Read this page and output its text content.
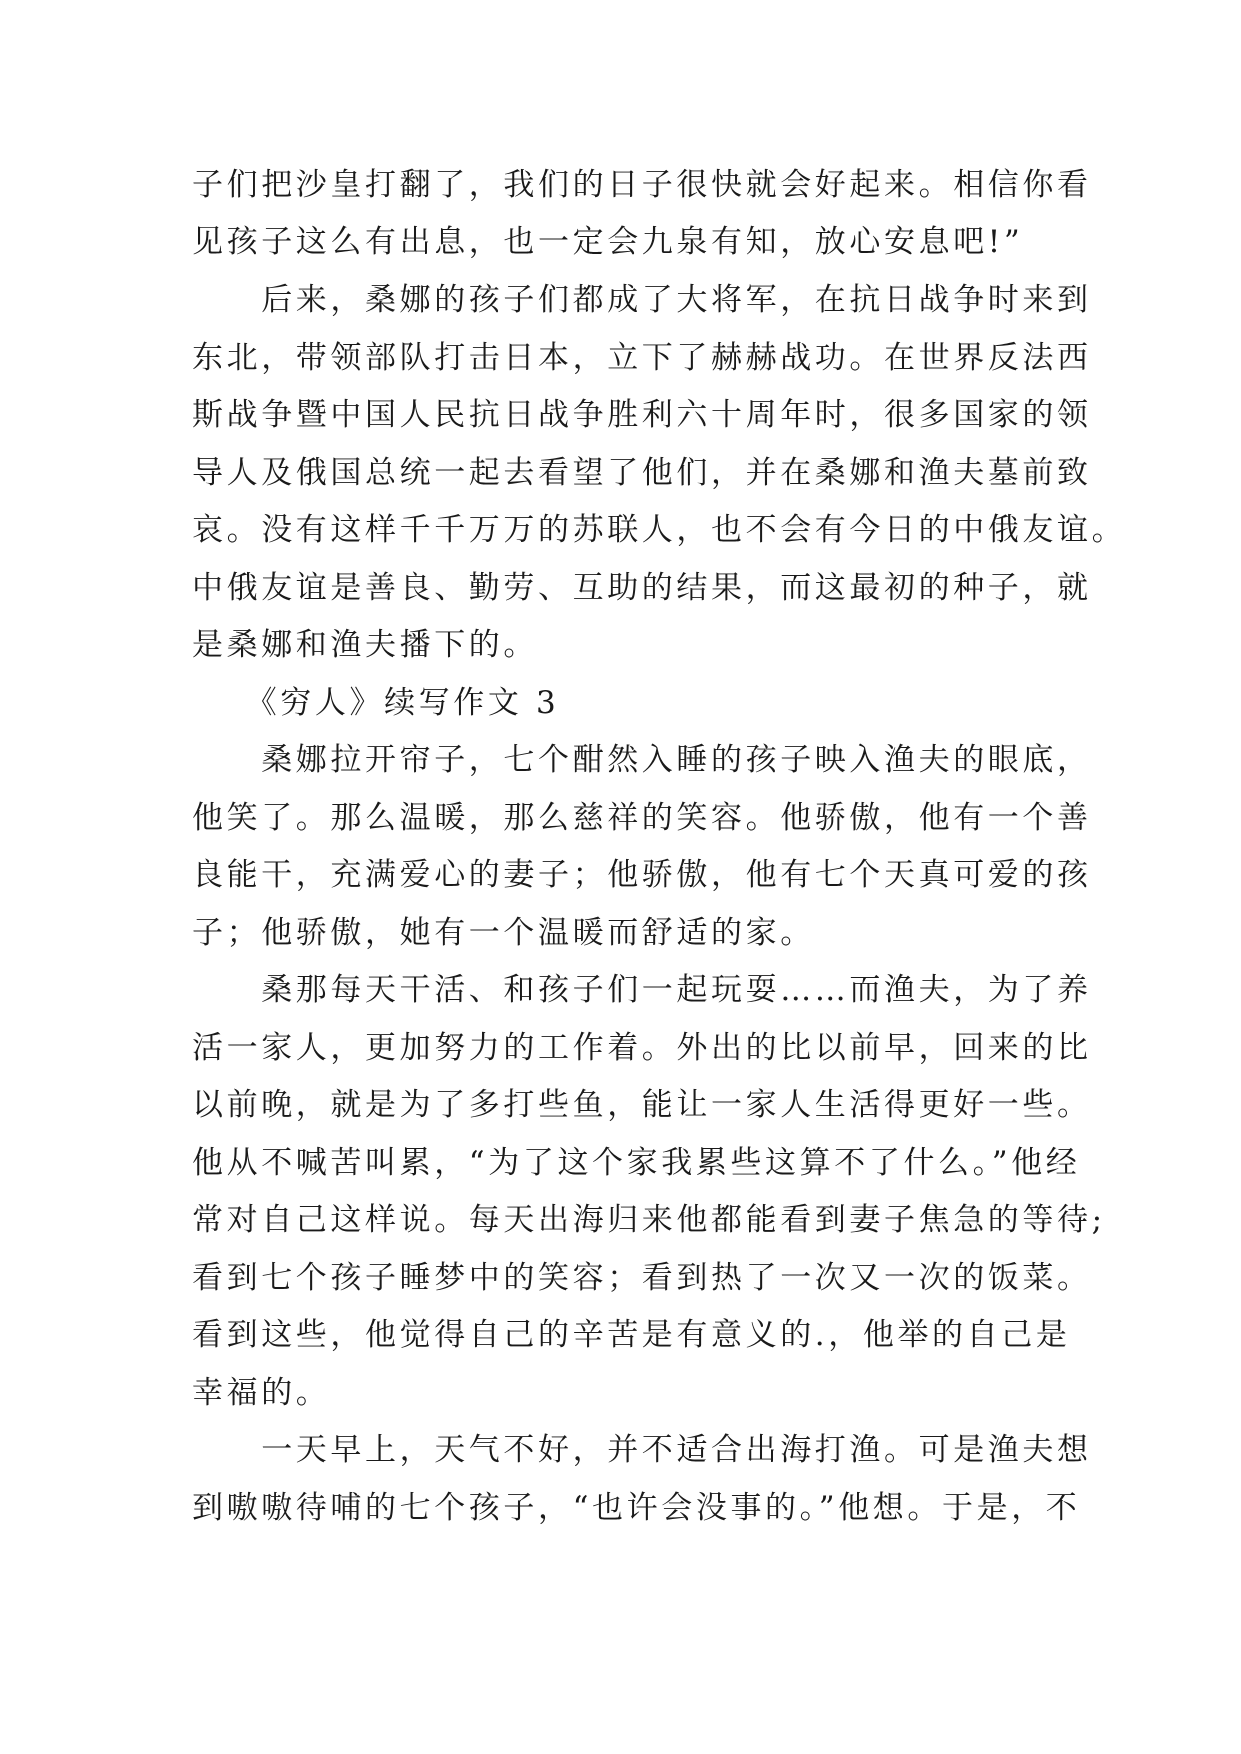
子们把沙皇打翻了，我们的日子很快就会好起来。相信你看
见孩子这么有出息，也一定会九泉有知，放心安息吧!”
　　后来，桑娜的孩子们都成了大将军，在抗日战争时来到
东北，带领部队打击日本，立下了赫赫战功。在世界反法西
斯战争暨中国人民抗日战争胜利六十周年时，很多国家的领
导人及俄国总统一起去看望了他们，并在桑娜和渔夫墓前致
哀。没有这样千千万万的苏联人，也不会有今日的中俄友谊。
中俄友谊是善良、勤劳、互助的结果，而这最初的种子，就
是桑娜和渔夫播下的。
　　《穷人》续写作文 3
　　桑娜拉开帘子，七个酣然入睡的孩子映入渔夫的眼底，
他笑了。那么温暖，那么慈祥的笑容。他骄傲，他有一个善
良能干，充满爱心的妻子；他骄傲，他有七个天真可爱的孩
子；他骄傲，她有一个温暖而舒适的家。
　　桑那每天干活、和孩子们一起玩耍……而渔夫，为了养
活一家人，更加努力的工作着。外出的比以前早，回来的比
以前晚，就是为了多打些鱼，能让一家人生活得更好一些。
他从不喊苦叫累，“为了这个家我累些这算不了什么。”他经
常对自己这样说。每天出海归来他都能看到妻子焦急的等待;
看到七个孩子睡梦中的笑容；看到热了一次又一次的饭菜。
看到这些，他觉得自己的辛苦是有意义的.，他举的自己是
幸福的。
　　一天早上，天气不好，并不适合出海打渔。可是渔夫想
到嗷嗷待哺的七个孩子，“也许会没事的。”他想。于是，不
